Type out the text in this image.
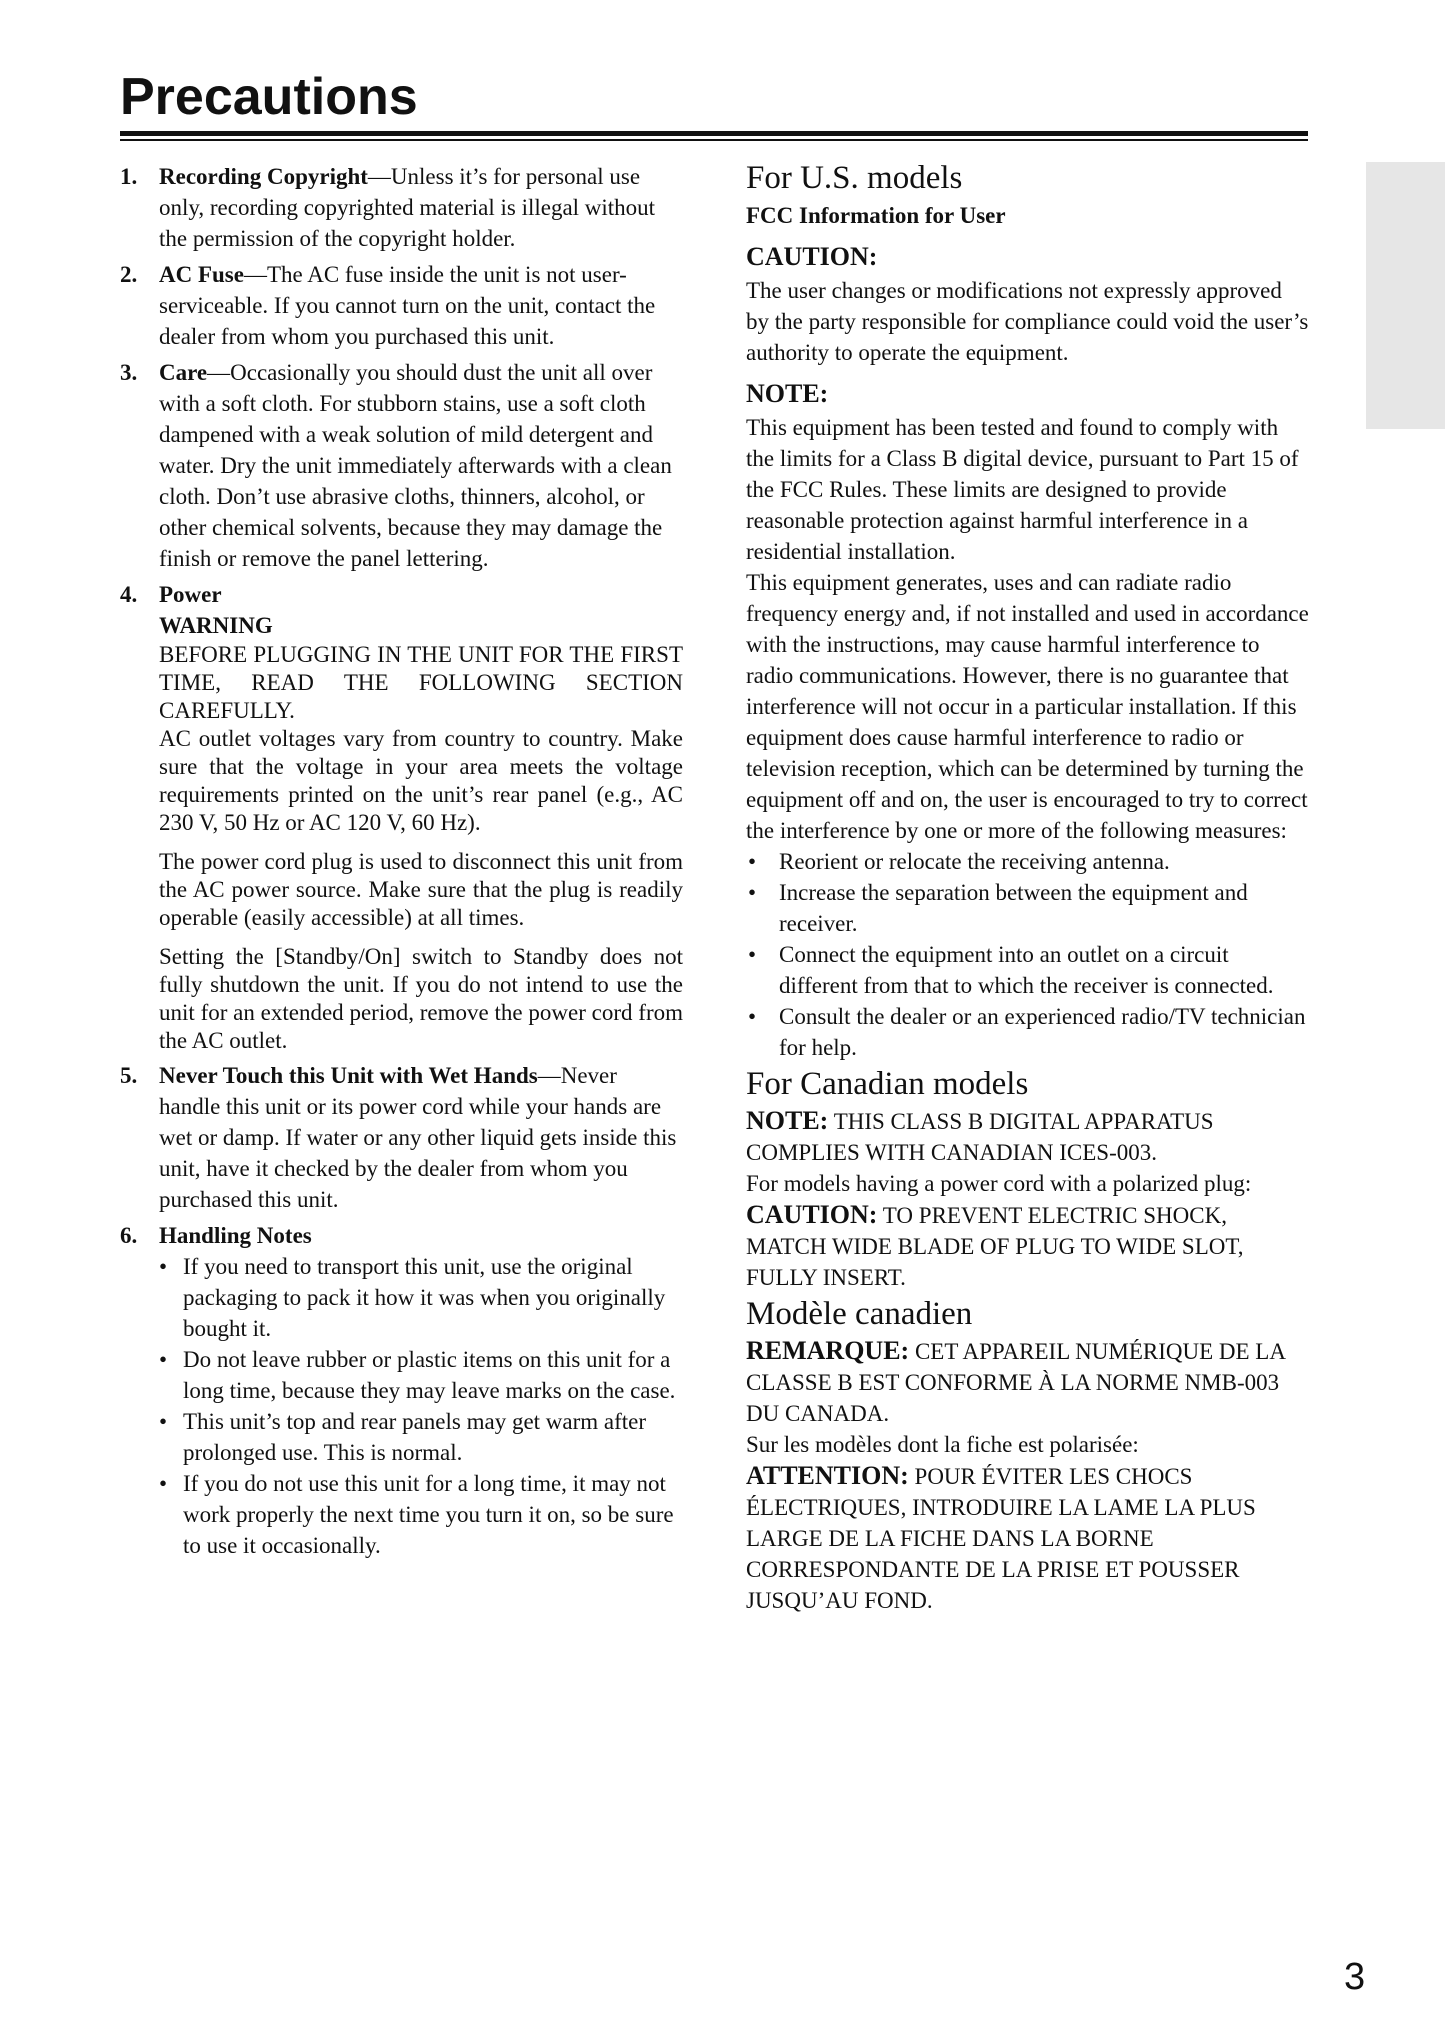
Precautions
1. Recording Copyright—Unless it’s for personal use only, recording copyrighted material is illegal without the permission of the copyright holder.

2. AC Fuse—The AC fuse inside the unit is not user-serviceable. If you cannot turn on the unit, contact the dealer from whom you purchased this unit.

3. Care—Occasionally you should dust the unit all over with a soft cloth. For stubborn stains, use a soft cloth dampened with a weak solution of mild detergent and water. Dry the unit immediately afterwards with a clean cloth. Don’t use abrasive cloths, thinners, alcohol, or other chemical solvents, because they may damage the finish or remove the panel lettering.

4. Power

WARNING

BEFORE PLUGGING IN THE UNIT FOR THE FIRST TIME, READ THE FOLLOWING SECTION CAREFULLY.

AC outlet voltages vary from country to country. Make sure that the voltage in your area meets the voltage requirements printed on the unit’s rear panel (e.g., AC 230 V, 50 Hz or AC 120 V, 60 Hz).

The power cord plug is used to disconnect this unit from the AC power source. Make sure that the plug is readily operable (easily accessible) at all times.

Setting the [Standby/On] switch to Standby does not fully shutdown the unit. If you do not intend to use the unit for an extended period, remove the power cord from the AC outlet.

5. Never Touch this Unit with Wet Hands—Never handle this unit or its power cord while your hands are wet or damp. If water or any other liquid gets inside this unit, have it checked by the dealer from whom you purchased this unit.

6. Handling Notes

• If you need to transport this unit, use the original packaging to pack it how it was when you originally bought it.
• Do not leave rubber or plastic items on this unit for a long time, because they may leave marks on the case.
• This unit’s top and rear panels may get warm after prolonged use. This is normal.
• If you do not use this unit for a long time, it may not work properly the next time you turn it on, so be sure to use it occasionally.
For U.S. models

FCC Information for User

CAUTION:

The user changes or modifications not expressly approved by the party responsible for compliance could void the user’s authority to operate the equipment.

NOTE:

This equipment has been tested and found to comply with the limits for a Class B digital device, pursuant to Part 15 of the FCC Rules. These limits are designed to provide reasonable protection against harmful interference in a residential installation.

This equipment generates, uses and can radiate radio frequency energy and, if not installed and used in accordance with the instructions, may cause harmful interference to radio communications. However, there is no guarantee that interference will not occur in a particular installation. If this equipment does cause harmful interference to radio or television reception, which can be determined by turning the equipment off and on, the user is encouraged to try to correct the interference by one or more of the following measures:

• Reorient or relocate the receiving antenna.
• Increase the separation between the equipment and receiver.
• Connect the equipment into an outlet on a circuit different from that to which the receiver is connected.
• Consult the dealer or an experienced radio/TV technician for help.
For Canadian models

NOTE: THIS CLASS B DIGITAL APPARATUS COMPLIES WITH CANADIAN ICES-003.

For models having a power cord with a polarized plug:

CAUTION: TO PREVENT ELECTRIC SHOCK, MATCH WIDE BLADE OF PLUG TO WIDE SLOT, FULLY INSERT.

Modèle canadien

REMARQUE: CET APPAREIL NUMÉRIQUE DE LA CLASSE B EST CONFORME À LA NORME NMB-003 DU CANADA.

Sur les modèles dont la fiche est polarisée:

ATTENTION: POUR ÉVITER LES CHOCS ÉLECTRIQUES, INTRODUIRE LA LAME LA PLUS LARGE DE LA FICHE DANS LA BORNE CORRESPONDANTE DE LA PRISE ET POUSSER JUSQU’AU FOND.

3
